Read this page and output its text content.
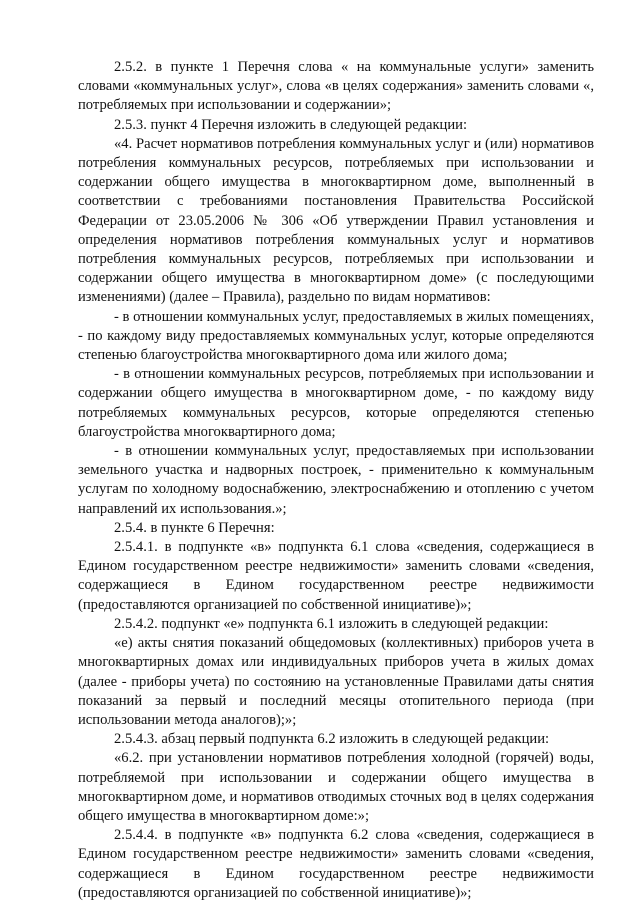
2.5.2. в пункте 1 Перечня слова « на коммунальные услуги» заменить словами «коммунальных услуг», слова «в целях содержания» заменить словами «, потребляемых при использовании и содержании»;

2.5.3. пункт 4 Перечня изложить в следующей редакции:

«4. Расчет нормативов потребления коммунальных услуг и (или) нормативов потребления коммунальных ресурсов, потребляемых при использовании и содержании общего имущества в многоквартирном доме, выполненный в соответствии с требованиями постановления Правительства Российской Федерации от 23.05.2006 № 306 «Об утверждении Правил установления и определения нормативов потребления коммунальных услуг и нормативов потребления коммунальных ресурсов, потребляемых при использовании и содержании общего имущества в многоквартирном доме» (с последующими изменениями) (далее – Правила), раздельно по видам нормативов:

- в отношении коммунальных услуг, предоставляемых в жилых помещениях, - по каждому виду предоставляемых коммунальных услуг, которые определяются степенью благоустройства многоквартирного дома или жилого дома;

- в отношении коммунальных ресурсов, потребляемых при использовании и содержании общего имущества в многоквартирном доме, - по каждому виду потребляемых коммунальных ресурсов, которые определяются степенью благоустройства многоквартирного дома;

- в отношении коммунальных услуг, предоставляемых при использовании земельного участка и надворных построек, - применительно к коммунальным услугам по холодному водоснабжению, электроснабжению и отоплению с учетом направлений их использования.»;

2.5.4. в пункте 6 Перечня:

2.5.4.1. в подпункте «в» подпункта 6.1 слова «сведения, содержащиеся в Едином государственном реестре недвижимости» заменить словами «сведения, содержащиеся в Едином государственном реестре недвижимости (предоставляются организацией по собственной инициативе)»;

2.5.4.2. подпункт «е» подпункта 6.1 изложить в следующей редакции:

«е) акты снятия показаний общедомовых (коллективных) приборов учета в многоквартирных домах или индивидуальных приборов учета в жилых домах (далее - приборы учета) по состоянию на установленные Правилами даты снятия показаний за первый и последний месяцы отопительного периода (при использовании метода аналогов);»;

2.5.4.3. абзац первый подпункта 6.2 изложить в следующей редакции:

«6.2. при установлении нормативов потребления холодной (горячей) воды, потребляемой при использовании и содержании общего имущества в многоквартирном доме, и нормативов отводимых сточных вод в целях содержания общего имущества в многоквартирном доме:»;

2.5.4.4. в подпункте «в» подпункта 6.2 слова «сведения, содержащиеся в Едином государственном реестре недвижимости» заменить словами «сведения, содержащиеся в Едином государственном реестре недвижимости (предоставляются организацией по собственной инициативе)»;
